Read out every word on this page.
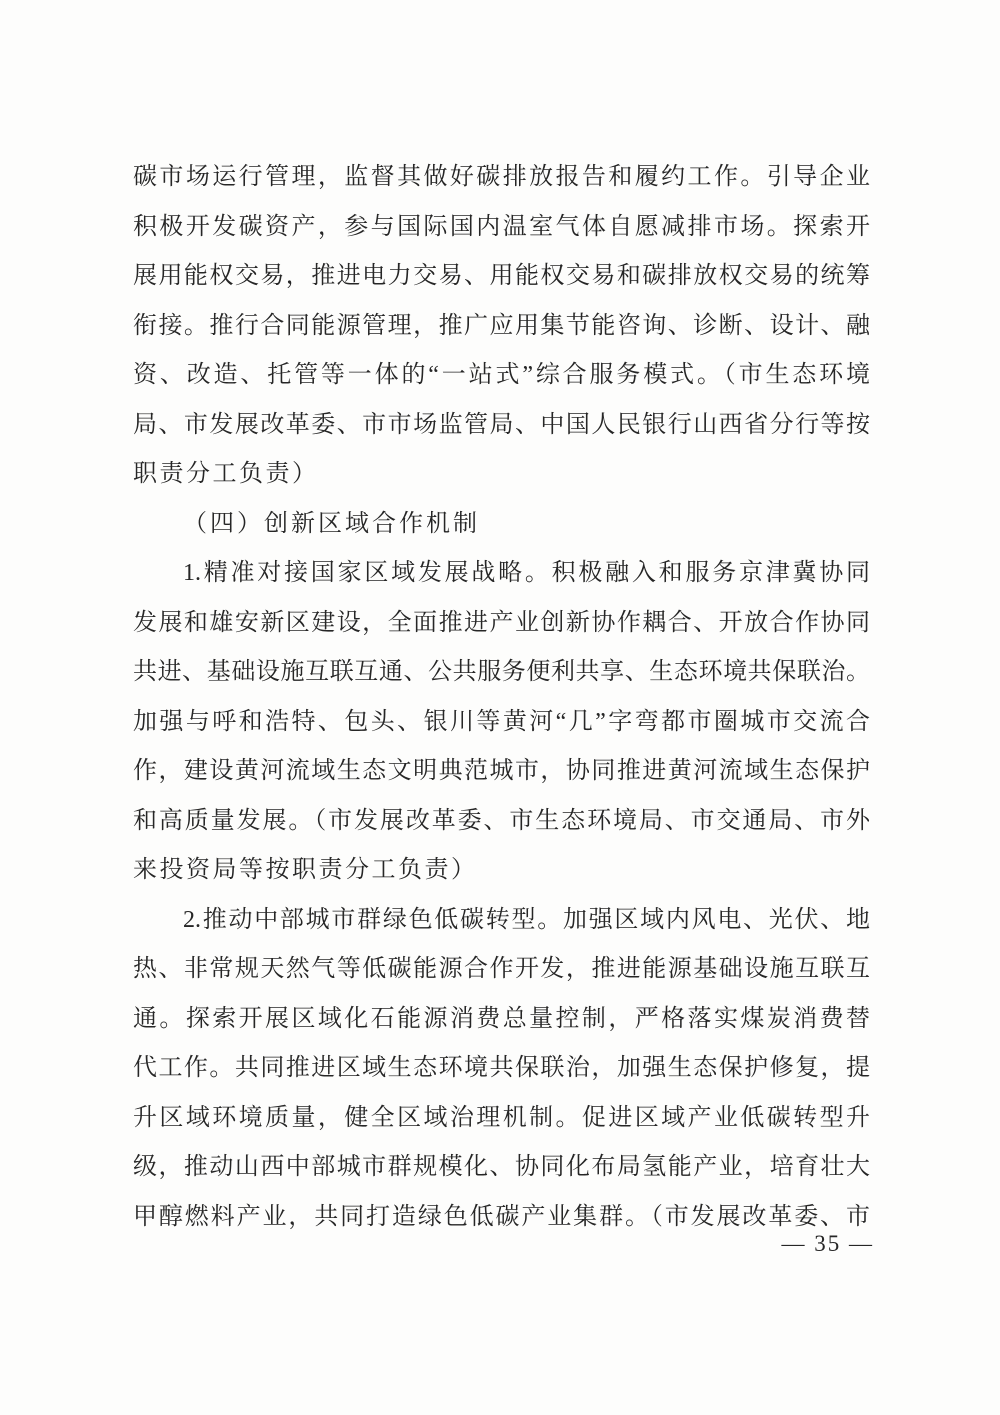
碳市场运行管理，监督其做好碳排放报告和履约工作。引导企业
积极开发碳资产，参与国际国内温室气体自愿减排市场。探索开
展用能权交易，推进电力交易、用能权交易和碳排放权交易的统筹
衔接。推行合同能源管理，推广应用集节能咨询、诊断、设计、融
资、改造、托管等一体的“一站式”综合服务模式。（市生态环境
局、市发展改革委、市市场监管局、中国人民银行山西省分行等按
职责分工负责）
（四）创新区域合作机制
1.精准对接国家区域发展战略。积极融入和服务京津冀协同
发展和雄安新区建设，全面推进产业创新协作耦合、开放合作协同
共进、基础设施互联互通、公共服务便利共享、生态环境共保联治。
加强与呼和浩特、包头、银川等黄河“几”字弯都市圈城市交流合
作，建设黄河流域生态文明典范城市，协同推进黄河流域生态保护
和高质量发展。（市发展改革委、市生态环境局、市交通局、市外
来投资局等按职责分工负责）
2.推动中部城市群绿色低碳转型。加强区域内风电、光伏、地
热、非常规天然气等低碳能源合作开发，推进能源基础设施互联互
通。探索开展区域化石能源消费总量控制，严格落实煤炭消费替
代工作。共同推进区域生态环境共保联治，加强生态保护修复，提
升区域环境质量，健全区域治理机制。促进区域产业低碳转型升
级，推动山西中部城市群规模化、协同化布局氢能产业，培育壮大
甲醇燃料产业，共同打造绿色低碳产业集群。（市发展改革委、市
— 35 —
